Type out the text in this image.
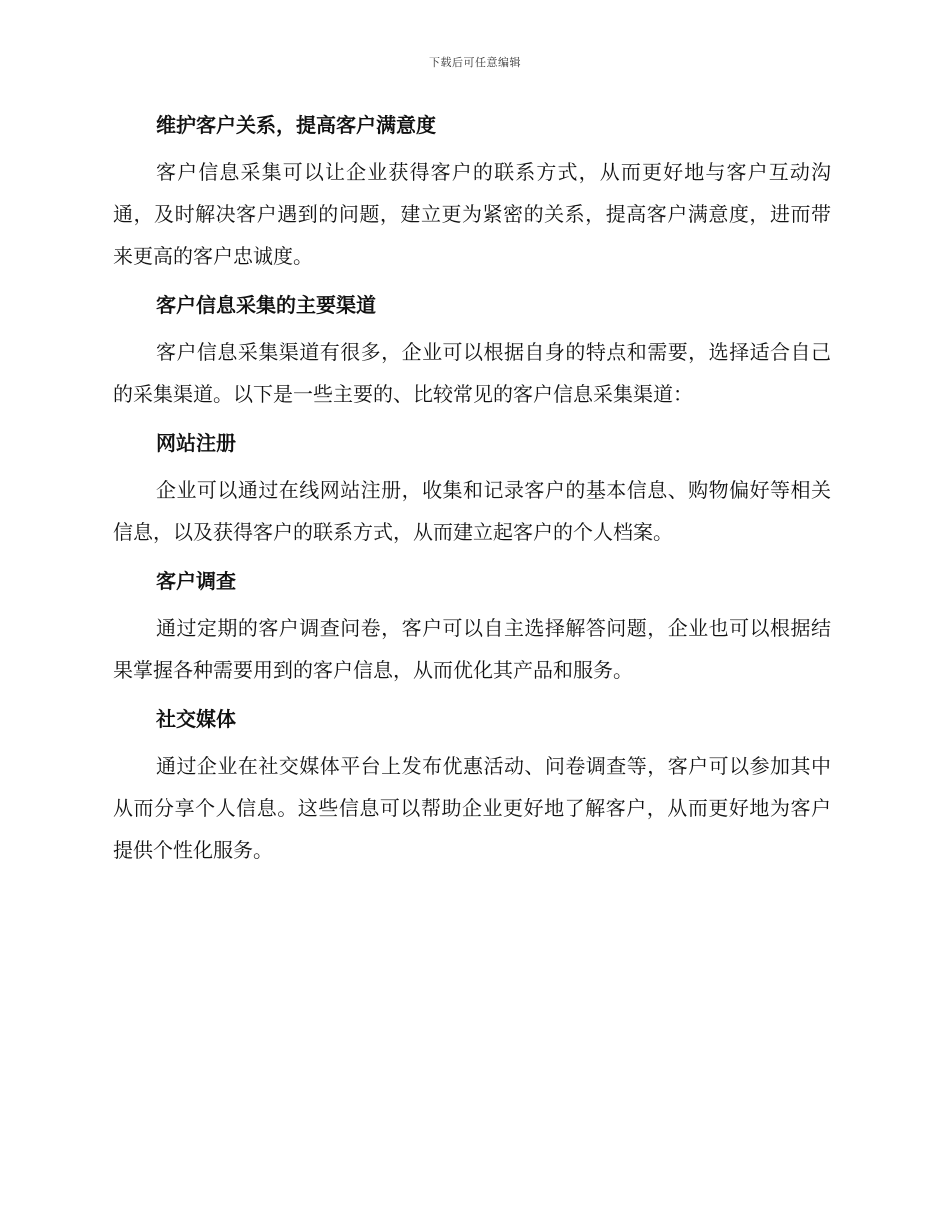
下载后可任意编辑
维护客户关系，提高客户满意度

客户信息采集可以让企业获得客户的联系方式，从而更好地与客户互动沟通，及时解决客户遇到的问题，建立更为紧密的关系，提高客户满意度，进而带来更高的客户忠诚度。

客户信息采集的主要渠道

客户信息采集渠道有很多，企业可以根据自身的特点和需要，选择适合自己的采集渠道。以下是一些主要的、比较常见的客户信息采集渠道：

网站注册

企业可以通过在线网站注册，收集和记录客户的基本信息、购物偏好等相关信息，以及获得客户的联系方式，从而建立起客户的个人档案。

客户调查

通过定期的客户调查问卷，客户可以自主选择解答问题，企业也可以根据结果掌握各种需要用到的客户信息，从而优化其产品和服务。

社交媒体

通过企业在社交媒体平台上发布优惠活动、问卷调查等，客户可以参加其中从而分享个人信息。这些信息可以帮助企业更好地了解客户，从而更好地为客户提供个性化服务。
